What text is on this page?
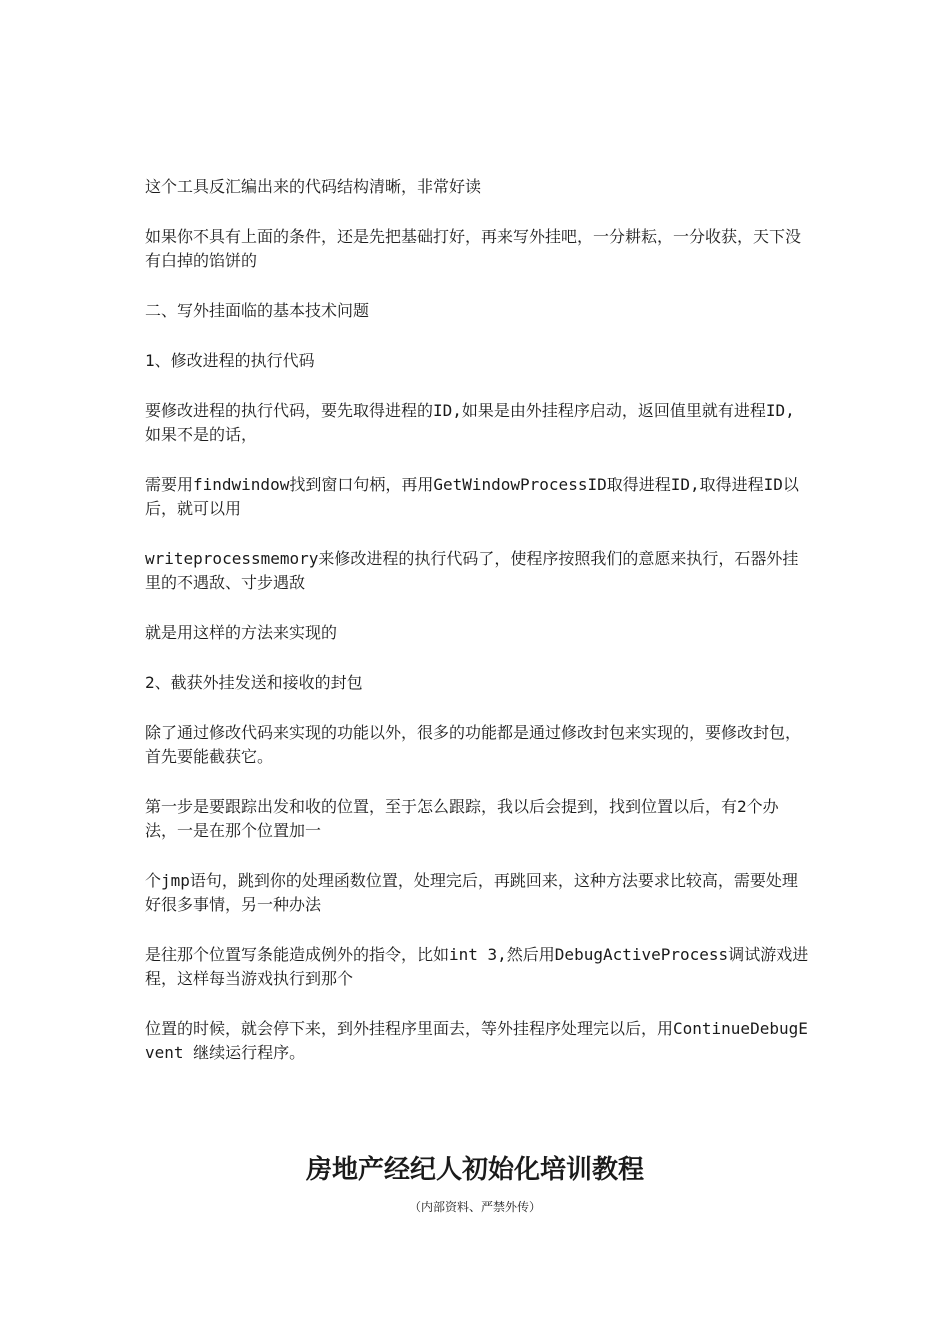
这个工具反汇编出来的代码结构清晰，非常好读

如果你不具有上面的条件，还是先把基础打好，再来写外挂吧，一分耕耘，一分收获，天下没有白掉的馅饼的

二、写外挂面临的基本技术问题

1、修改进程的执行代码

要修改进程的执行代码，要先取得进程的ID,如果是由外挂程序启动，返回值里就有进程ID,如果不是的话，

需要用findwindow找到窗口句柄，再用GetWindowProcessID取得进程ID,取得进程ID以后，就可以用

writeprocessmemory来修改进程的执行代码了，使程序按照我们的意愿来执行，石器外挂里的不遇敌、寸步遇敌

就是用这样的方法来实现的

2、截获外挂发送和接收的封包

除了通过修改代码来实现的功能以外，很多的功能都是通过修改封包来实现的，要修改封包，首先要能截获它。

第一步是要跟踪出发和收的位置，至于怎么跟踪，我以后会提到，找到位置以后，有2个办法，一是在那个位置加一

个jmp语句，跳到你的处理函数位置，处理完后，再跳回来，这种方法要求比较高，需要处理好很多事情，另一种办法

是往那个位置写条能造成例外的指令，比如int 3,然后用DebugActiveProcess调试游戏进程，这样每当游戏执行到那个

位置的时候，就会停下来，到外挂程序里面去，等外挂程序处理完以后，用ContinueDebugEvent 继续运行程序。

房地产经纪人初始化培训教程

（内部资料、严禁外传）
